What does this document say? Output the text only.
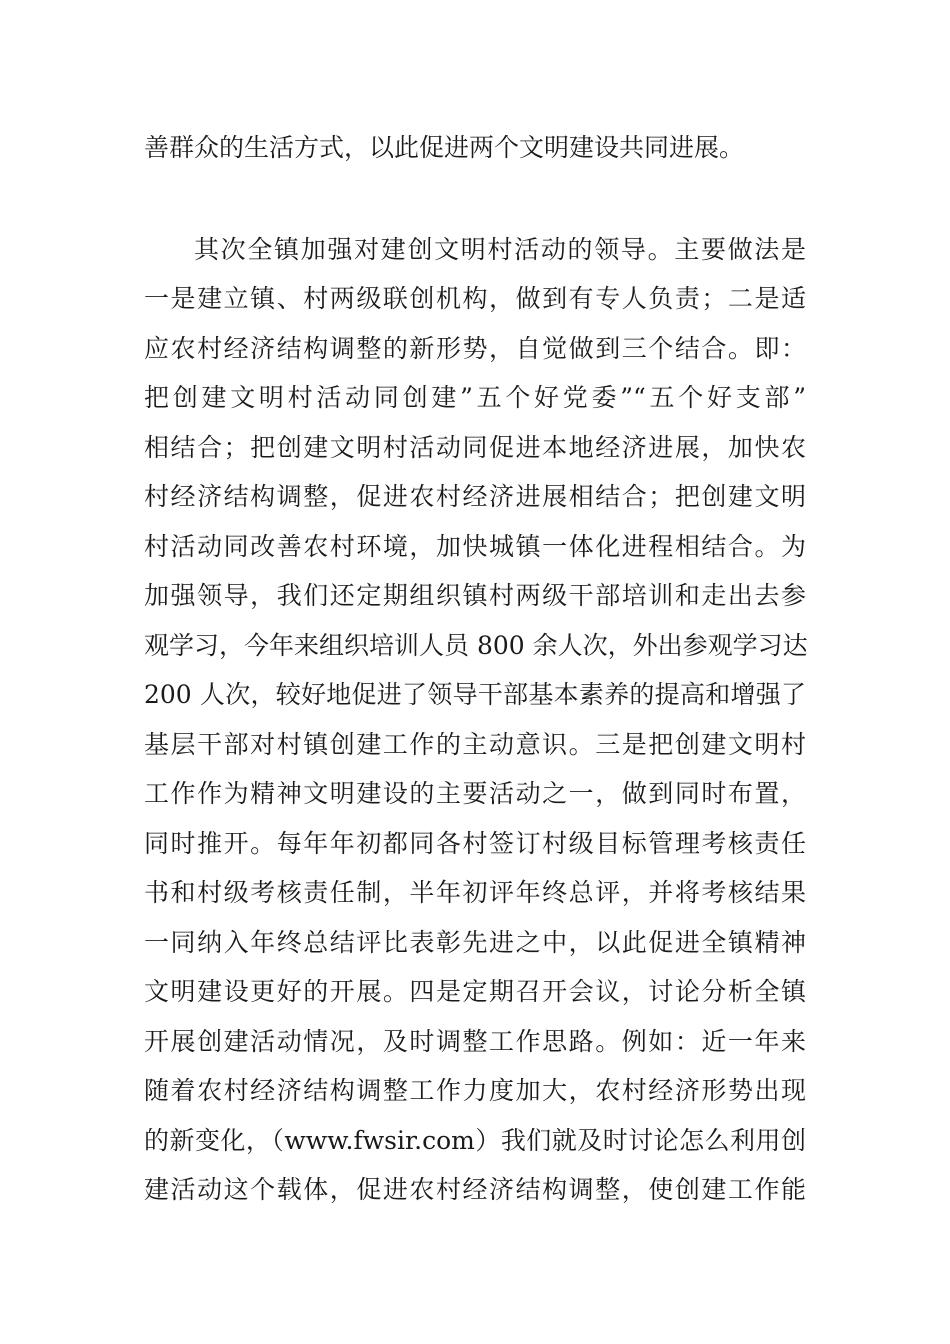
善群众的生活方式，以此促进两个文明建设共同进展。
其次全镇加强对建创文明村活动的领导。主要做法是
一是建立镇、村两级联创机构，做到有专人负责；二是适
应农村经济结构调整的新形势，自觉做到三个结合。即：
把创建文明村活动同创建”五个好党委”“五个好支部”
相结合；把创建文明村活动同促进本地经济进展，加快农
村经济结构调整，促进农村经济进展相结合；把创建文明
村活动同改善农村环境，加快城镇一体化进程相结合。为
加强领导，我们还定期组织镇村两级干部培训和走出去参
观学习，今年来组织培训人员 800 余人次，外出参观学习达
200 人次，较好地促进了领导干部基本素养的提高和增强了
基层干部对村镇创建工作的主动意识。三是把创建文明村
工作作为精神文明建设的主要活动之一，做到同时布置，
同时推开。每年年初都同各村签订村级目标管理考核责任
书和村级考核责任制，半年初评年终总评，并将考核结果
一同纳入年终总结评比表彰先进之中，以此促进全镇精神
文明建设更好的开展。四是定期召开会议，讨论分析全镇
开展创建活动情况，及时调整工作思路。例如：近一年来
随着农村经济结构调整工作力度加大，农村经济形势出现
的新变化，（www.fwsir.com）我们就及时讨论怎么利用创
建活动这个载体，促进农村经济结构调整，使创建工作能
